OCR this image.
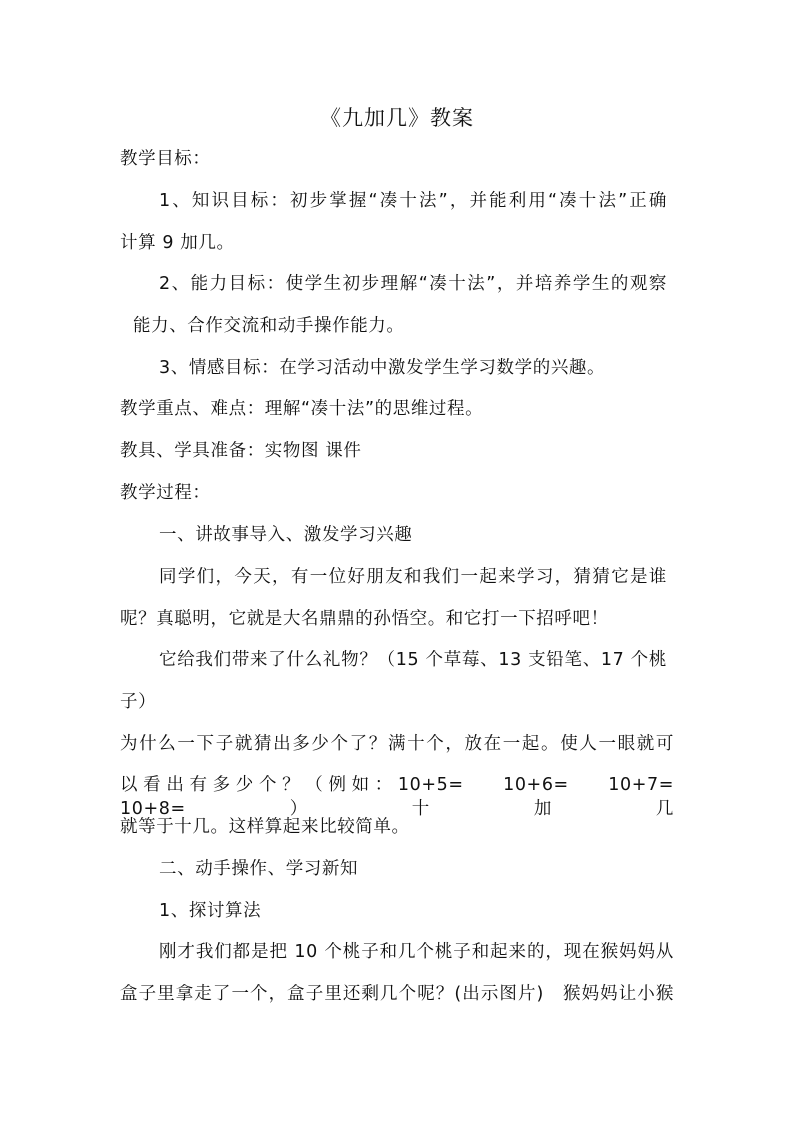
《九加几》教案
教学目标：
1、知识目标：初步掌握“凑十法”，并能利用“凑十法”正确
计算 9 加几。
2、能力目标：使学生初步理解“凑十法”，并培养学生的观察
能力、合作交流和动手操作能力。
3、情感目标：在学习活动中激发学生学习数学的兴趣。
教学重点、难点：理解“凑十法”的思维过程。
教具、学具准备：实物图 课件
教学过程：
一、讲故事导入、激发学习兴趣
同学们，今天，有一位好朋友和我们一起来学习，猜猜它是谁
呢？真聪明，它就是大名鼎鼎的孙悟空。和它打一下招呼吧！
它给我们带来了什么礼物？（15 个草莓、13 支铅笔、17 个桃
子）
为什么一下子就猜出多少个了？满十个，放在一起。使人一眼就可
以看出有多少个？（例如：10+5=　 10+6=　 10+7=　 10+8=）十加几
就等于十几。这样算起来比较简单。
二、动手操作、学习新知
1、探讨算法
刚才我们都是把 10 个桃子和几个桃子和起来的，现在猴妈妈从
盒子里拿走了一个，盒子里还剩几个呢？(出示图片)　猴妈妈让小猴
